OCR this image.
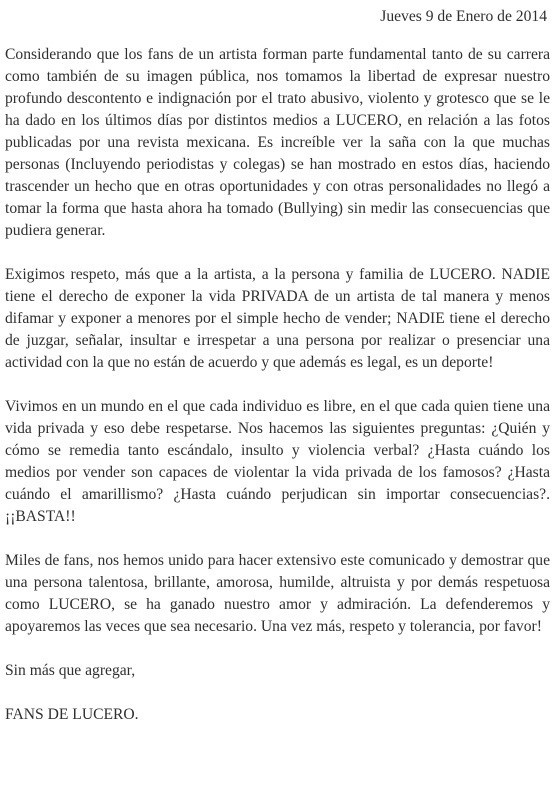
Jueves 9 de Enero de 2014

Considerando que los fans de un artista forman parte fundamental tanto de su carrera como también de su imagen pública, nos tomamos la libertad de expresar nuestro profundo descontento e indignación por el trato abusivo, violento y grotesco que se le ha dado en los últimos días por distintos medios a LUCERO, en relación a las fotos publicadas por una revista mexicana. Es increíble ver la saña con la que muchas personas (Incluyendo periodistas y colegas) se han mostrado en estos días, haciendo trascender un hecho que en otras oportunidades y con otras personalidades no llegó a tomar la forma que hasta ahora ha tomado (Bullying) sin medir las consecuencias que pudiera generar.

Exigimos respeto, más que a la artista, a la persona y familia de LUCERO. NADIE tiene el derecho de exponer la vida PRIVADA de un artista de tal manera y menos difamar y exponer a menores por el simple hecho de vender; NADIE tiene el derecho de juzgar, señalar, insultar e irrespetar a una persona por realizar o presenciar una actividad con la que no están de acuerdo y que además es legal, es un deporte!

Vivimos en un mundo en el que cada individuo es libre, en el que cada quien tiene una vida privada y eso debe respetarse. Nos hacemos las siguientes preguntas: ¿Quién y cómo se remedia tanto escándalo, insulto y violencia verbal? ¿Hasta cuándo los medios por vender son capaces de violentar la vida privada de los famosos? ¿Hasta cuándo el amarillismo? ¿Hasta cuándo perjudican sin importar consecuencias?. ¡¡BASTA!!

Miles de fans, nos hemos unido para hacer extensivo este comunicado y demostrar que una persona talentosa, brillante, amorosa, humilde, altruista y por demás respetuosa como LUCERO, se ha ganado nuestro amor y admiración. La defenderemos y apoyaremos las veces que sea necesario. Una vez más, respeto y tolerancia, por favor!

Sin más que agregar,

FANS DE LUCERO.
